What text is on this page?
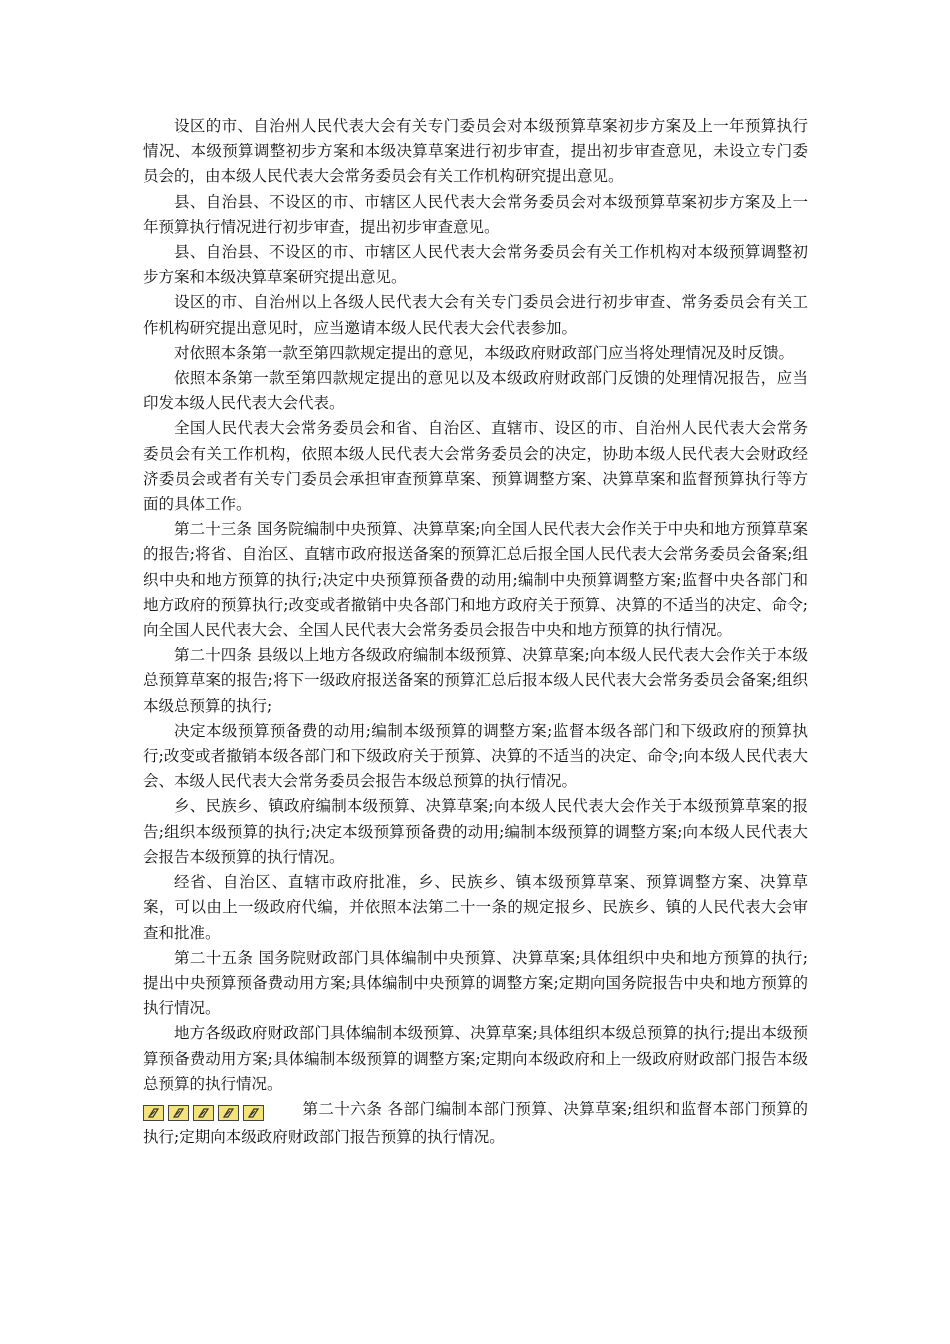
设区的市、自治州人民代表大会有关专门委员会对本级预算草案初步方案及上一年预算执行情况、本级预算调整初步方案和本级决算草案进行初步审查，提出初步审查意见，未设立专门委员会的，由本级人民代表大会常务委员会有关工作机构研究提出意见。

县、自治县、不设区的市、市辖区人民代表大会常务委员会对本级预算草案初步方案及上一年预算执行情况进行初步审查，提出初步审查意见。

县、自治县、不设区的市、市辖区人民代表大会常务委员会有关工作机构对本级预算调整初步方案和本级决算草案研究提出意见。

设区的市、自治州以上各级人民代表大会有关专门委员会进行初步审查、常务委员会有关工作机构研究提出意见时，应当邀请本级人民代表大会代表参加。

对依照本条第一款至第四款规定提出的意见，本级政府财政部门应当将处理情况及时反馈。

依照本条第一款至第四款规定提出的意见以及本级政府财政部门反馈的处理情况报告，应当印发本级人民代表大会代表。

全国人民代表大会常务委员会和省、自治区、直辖市、设区的市、自治州人民代表大会常务委员会有关工作机构，依照本级人民代表大会常务委员会的决定，协助本级人民代表大会财政经济委员会或者有关专门委员会承担审查预算草案、预算调整方案、决算草案和监督预算执行等方面的具体工作。

第二十三条 国务院编制中央预算、决算草案;向全国人民代表大会作关于中央和地方预算草案的报告;将省、自治区、直辖市政府报送备案的预算汇总后报全国人民代表大会常务委员会备案;组织中央和地方预算的执行;决定中央预算预备费的动用;编制中央预算调整方案;监督中央各部门和地方政府的预算执行;改变或者撤销中央各部门和地方政府关于预算、决算的不适当的决定、命令;向全国人民代表大会、全国人民代表大会常务委员会报告中央和地方预算的执行情况。

第二十四条 县级以上地方各级政府编制本级预算、决算草案;向本级人民代表大会作关于本级总预算草案的报告;将下一级政府报送备案的预算汇总后报本级人民代表大会常务委员会备案;组织本级总预算的执行;

决定本级预算预备费的动用;编制本级预算的调整方案;监督本级各部门和下级政府的预算执行;改变或者撤销本级各部门和下级政府关于预算、决算的不适当的决定、命令;向本级人民代表大会、本级人民代表大会常务委员会报告本级总预算的执行情况。

乡、民族乡、镇政府编制本级预算、决算草案;向本级人民代表大会作关于本级预算草案的报告;组织本级预算的执行;决定本级预算预备费的动用;编制本级预算的调整方案;向本级人民代表大会报告本级预算的执行情况。

经省、自治区、直辖市政府批准，乡、民族乡、镇本级预算草案、预算调整方案、决算草案，可以由上一级政府代编，并依照本法第二十一条的规定报乡、民族乡、镇的人民代表大会审查和批准。

第二十五条 国务院财政部门具体编制中央预算、决算草案;具体组织中央和地方预算的执行;提出中央预算预备费动用方案;具体编制中央预算的调整方案;定期向国务院报告中央和地方预算的执行情况。

地方各级政府财政部门具体编制本级预算、决算草案;具体组织本级总预算的执行;提出本级预算预备费动用方案;具体编制本级预算的调整方案;定期向本级政府和上一级政府财政部门报告本级总预算的执行情况。

第二十六条 各部门编制本部门预算、决算草案;组织和监督本部门预算的执行;定期向本级政府财政部门报告预算的执行情况。
